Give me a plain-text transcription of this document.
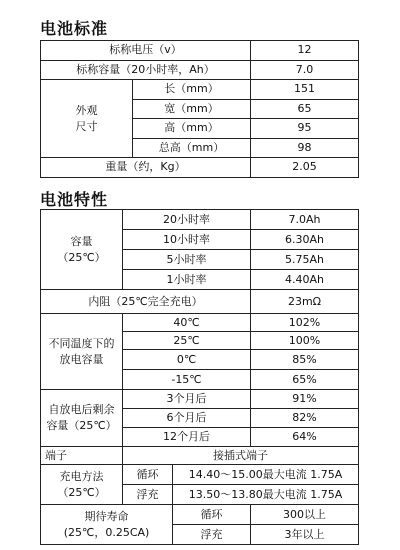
电池标准
标称电压（v）		12
标称容量（20小时率，Ah）		7.0
外观
尺寸	长（mm）	151
	宽（mm）	65
	高（mm）	95
	总高（mm）	98
重量（约，Kg）		2.05
电池特性
容量
（25℃）	20小时率		7.0Ah
	10小时率		6.30Ah
	5小时率		5.75Ah
	1小时率		4.40Ah
内阻（25℃完全充电）			23mΩ
不同温度下的放电容量	40℃		102%
	25℃		100%
	0℃		85%
	-15℃		65%
自放电后剩余容量（25℃）	3个月后		91%
	6个月后		82%
	12个月后		64%
端子	接插式端子		
充电方法
（25℃）	循环	14.40～15.00最大电流 1.75A	
	浮充	13.50～13.80最大电流 1.75A	

期待寿命
(25℃，0.25CA)		循环	300以上
		浮充	3年以上
